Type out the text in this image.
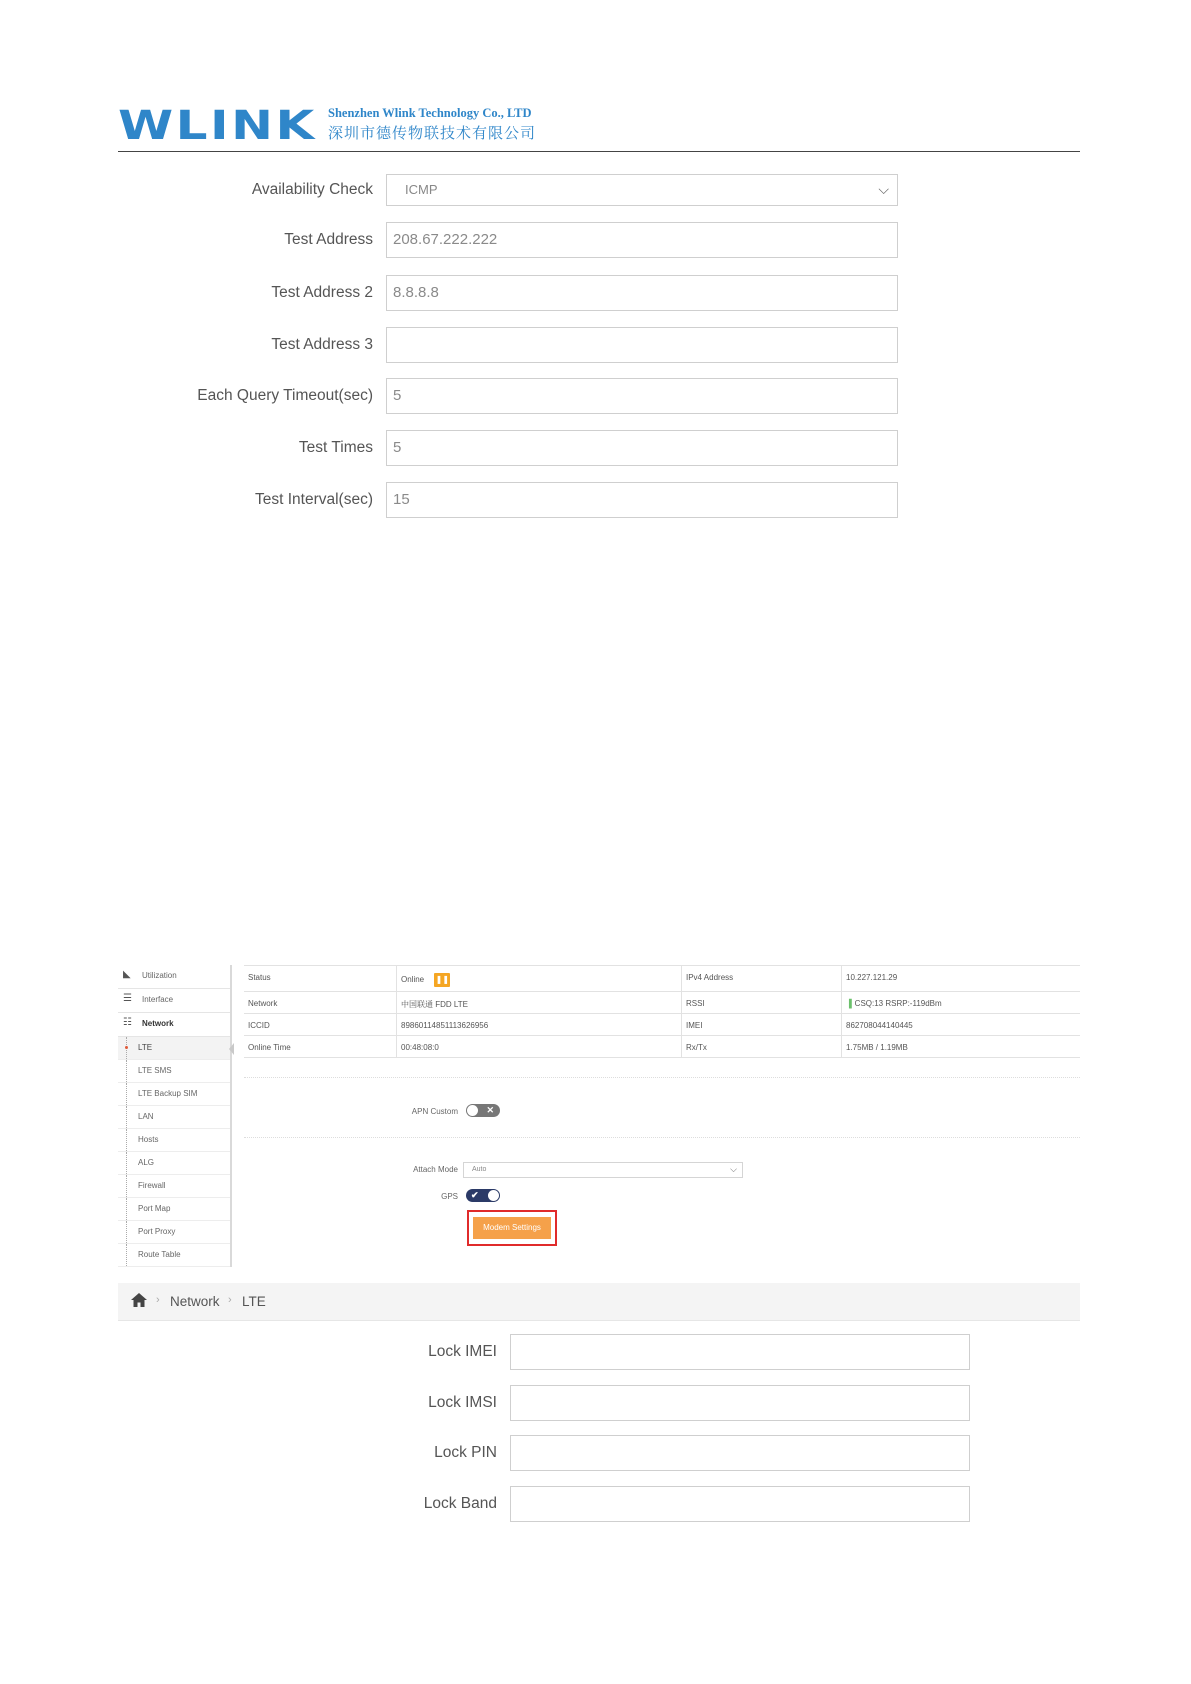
WLINK Shenzhen Wlink Technology Co., LTD
深圳市德传物联技术有限公司
Availability Check	ICMP	⌵
Test Address	208.67.222.222
Test Address 2	8.8.8.8
Test Address 3
Each Query Timeout(sec)	5
Test Times	5
Test Interval(sec)	15
◣	Utilization
☰	Interface
☷	Network
LTE
LTE SMS
LTE Backup SIM
LAN
Hosts
ALG
Firewall
Port Map
Port Proxy
Route Table
Status	Online ❚❚	IPv4 Address	10.227.121.29
Network	中国联通 FDD LTE	RSSI	▐ CSQ:13 RSRP:-119dBm
ICCID	89860114851113626956	IMEI	862708044140445
Online Time	00:48:08:0	Rx/Tx	1.75MB / 1.19MB
APN Custom	✕
Attach Mode	Auto	⌵
GPS ✔
Modem Settings
› Network › LTE
Lock IMEI
Lock IMSI
Lock PIN
Lock Band
